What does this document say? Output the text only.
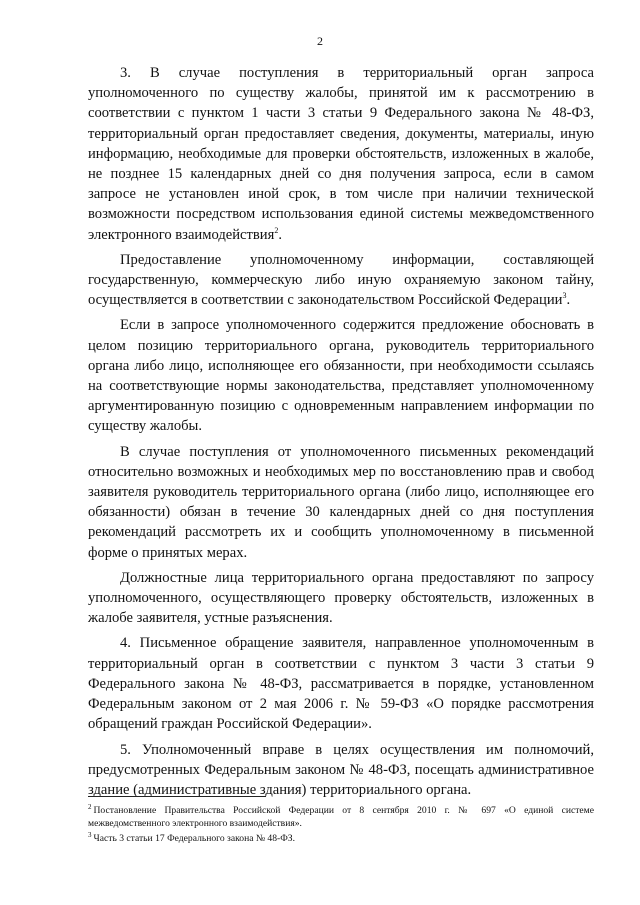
2

3. В случае поступления в территориальный орган запроса уполномоченного по существу жалобы, принятой им к рассмотрению в соответствии с пунктом 1 части 3 статьи 9 Федерального закона № 48-ФЗ, территориальный орган предоставляет сведения, документы, материалы, иную информацию, необходимые для проверки обстоятельств, изложенных в жалобе, не позднее 15 календарных дней со дня получения запроса, если в самом запросе не установлен иной срок, в том числе при наличии технической возможности посредством использования единой системы межведомственного электронного взаимодействия$^2$.

Предоставление уполномоченному информации, составляющей государственную, коммерческую либо иную охраняемую законом тайну, осуществляется в соответствии с законодательством Российской Федерации$^3$.

Если в запросе уполномоченного содержится предложение обосновать в целом позицию территориального органа, руководитель территориального органа либо лицо, исполняющее его обязанности, при необходимости ссылаясь на соответствующие нормы законодательства, представляет уполномоченному аргументированную позицию с одновременным направлением информации по существу жалобы.

В случае поступления от уполномоченного письменных рекомендаций относительно возможных и необходимых мер по восстановлению прав и свобод заявителя руководитель территориального органа (либо лицо, исполняющее его обязанности) обязан в течение 30 календарных дней со дня поступления рекомендаций рассмотреть их и сообщить уполномоченному в письменной форме о принятых мерах.

Должностные лица территориального органа предоставляют по запросу уполномоченного, осуществляющего проверку обстоятельств, изложенных в жалобе заявителя, устные разъяснения.

4. Письменное обращение заявителя, направленное уполномоченным в территориальный орган в соответствии с пунктом 3 части 3 статьи 9 Федерального закона № 48-ФЗ, рассматривается в порядке, установленном Федеральным законом от 2 мая 2006 г. № 59-ФЗ «О порядке рассмотрения обращений граждан Российской Федерации».

5. Уполномоченный вправе в целях осуществления им полномочий, предусмотренных Федеральным законом № 48-ФЗ, посещать административное здание (административные здания) территориального органа.

$^2$ Постановление Правительства Российской Федерации от 8 сентября 2010 г. № 697 «О единой системе межведомственного электронного взаимодействия».

$^3$ Часть 3 статьи 17 Федерального закона № 48-ФЗ.
